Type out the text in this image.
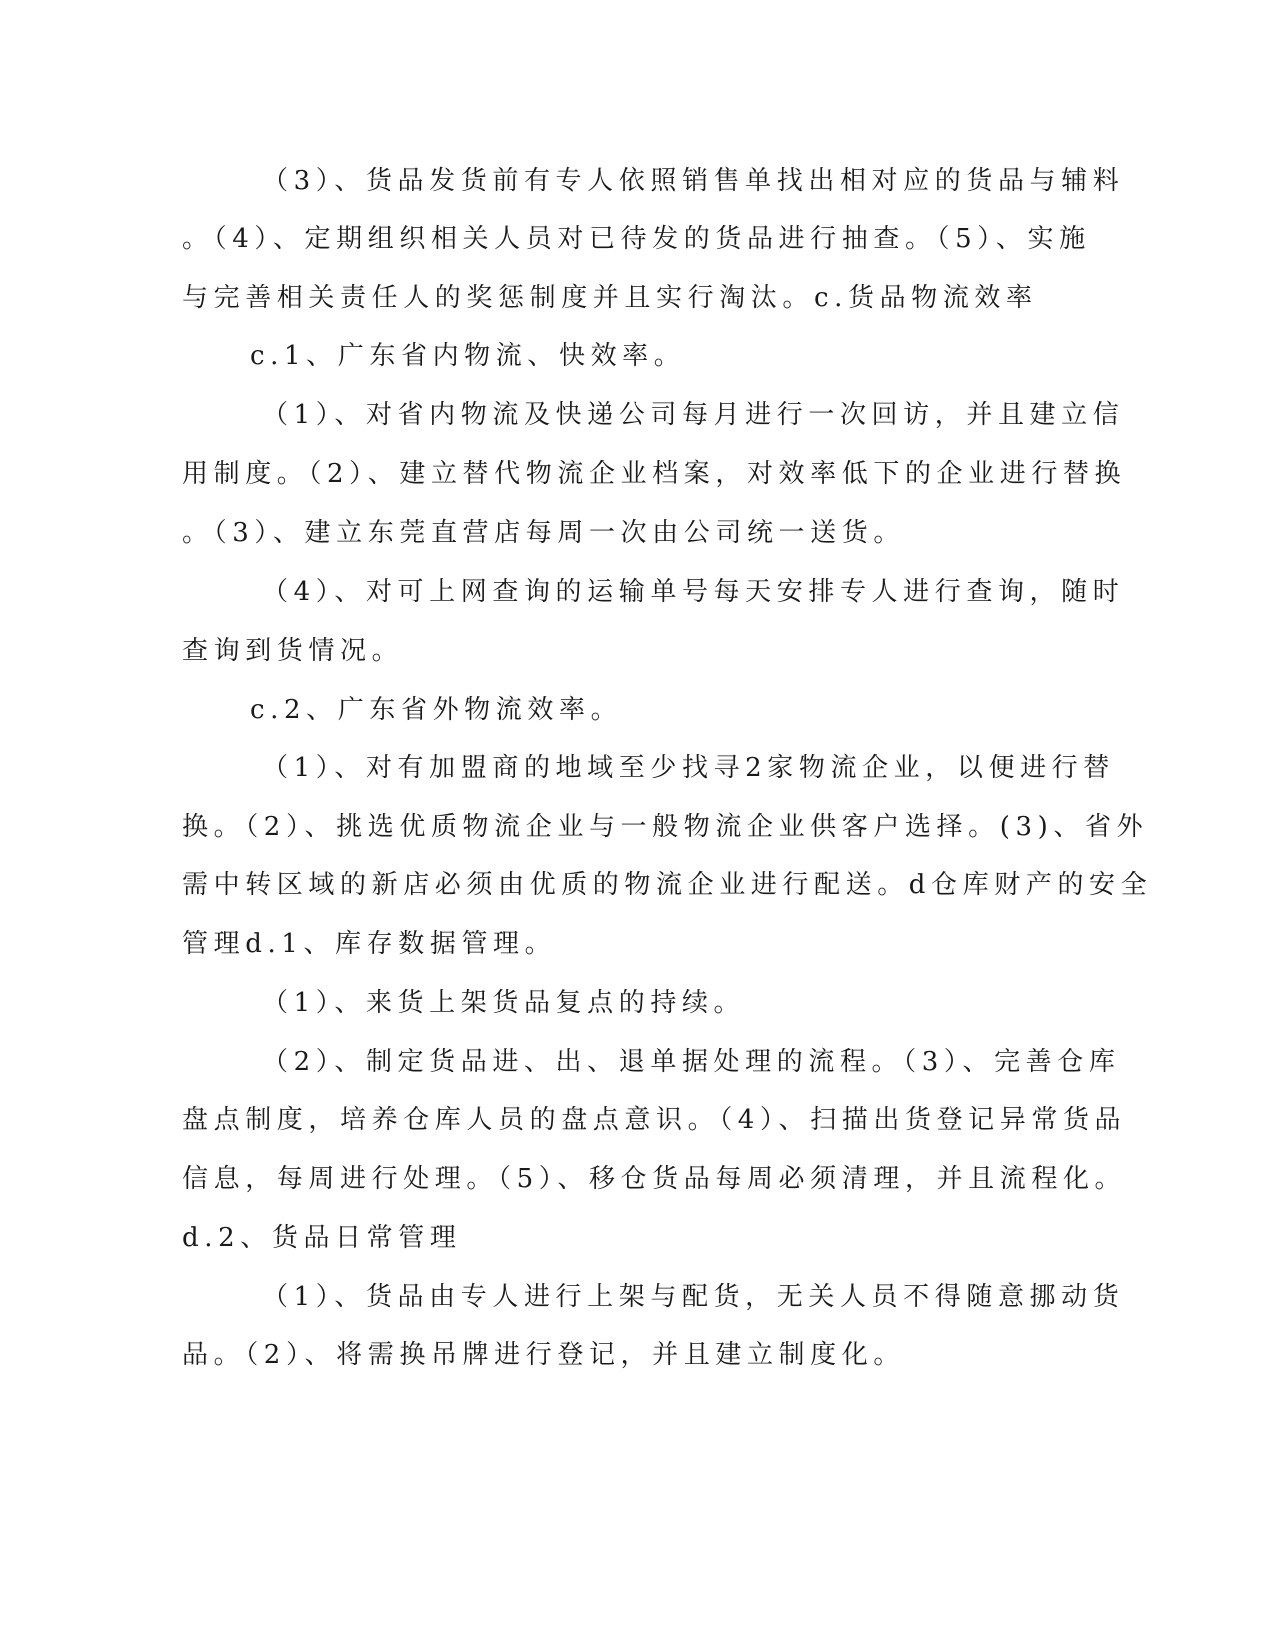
（3）、货品发货前有专人依照销售单找出相对应的货品与辅料
。（4）、定期组织相关人员对已待发的货品进行抽查。（5）、实施
与完善相关责任人的奖惩制度并且实行淘汰。c.货品物流效率
c.1、广东省内物流、快效率。
（1）、对省内物流及快递公司每月进行一次回访，并且建立信
用制度。（2）、建立替代物流企业档案，对效率低下的企业进行替换
。（3）、建立东莞直营店每周一次由公司统一送货。
（4）、对可上网查询的运输单号每天安排专人进行查询，随时
查询到货情况。
c.2、广东省外物流效率。
（1）、对有加盟商的地域至少找寻2家物流企业，以便进行替
换。（2）、挑选优质物流企业与一般物流企业供客户选择。(3)、省外
需中转区域的新店必须由优质的物流企业进行配送。d仓库财产的安全
管理d.1、库存数据管理。
（1）、来货上架货品复点的持续。
（2）、制定货品进、出、退单据处理的流程。（3）、完善仓库
盘点制度，培养仓库人员的盘点意识。（4）、扫描出货登记异常货品
信息，每周进行处理。（5）、移仓货品每周必须清理，并且流程化。
d.2、货品日常管理
（1）、货品由专人进行上架与配货，无关人员不得随意挪动货
品。（2）、将需换吊牌进行登记，并且建立制度化。
